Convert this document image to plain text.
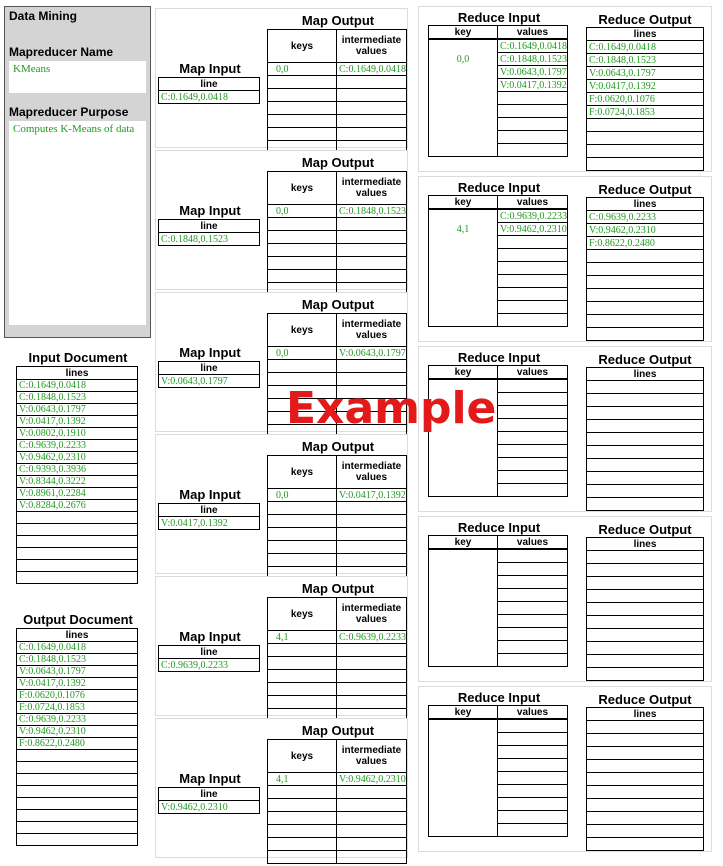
Data Mining
Mapreducer Name
KMeans
Mapreducer Purpose
Computes K-Means of data
Input Document
lines
C:0.1649,0.0418
C:0.1848,0.1523
V:0.0643,0.1797
V:0.0417,0.1392
V:0.0802,0.1910
C:0.9639,0.2233
V:0.9462,0.2310
C:0.9393,0.3936
V:0.8344,0.3222
V:0.8961,0.2284
V:0.8284,0.2676

Output Document
lines
C:0.1649,0.0418
C:0.1848,0.1523
V:0.0643,0.1797
V:0.0417,0.1392
F:0.0620,0.1076
F:0.0724,0.1853
C:0.9639,0.2233
V:0.9462,0.2310
F:0.8622,0.2480

Map Input
line
C:0.1649,0.0418
Map Output
keys	intermediate values
0,0	C:0.1649,0.0418

Map Input
line
C:0.1848,0.1523
Map Output
keys	intermediate values
0,0	C:0.1848,0.1523

Map Input
line
V:0.0643,0.1797
Map Output
keys	intermediate values
0,0	V:0.0643,0.1797

Map Input
line
V:0.0417,0.1392
Map Output
keys	intermediate values
0,0	V:0.0417,0.1392

Map Input
line
C:0.9639,0.2233
Map Output
keys	intermediate values
4,1	C:0.9639,0.2233

Map Input
line
V:0.9462,0.2310
Map Output
keys	intermediate values
4,1	V:0.9462,0.2310

Reduce Input
key	values
0,0	C:0.1649,0.0418
	C:0.1848,0.1523
	V:0.0643,0.1797
	V:0.0417,0.1392

Reduce Output
lines
C:0.1649,0.0418
C:0.1848,0.1523
V:0.0643,0.1797
V:0.0417,0.1392
F:0.0620,0.1076
F:0.0724,0.1853

Reduce Input
key	values
4,1	C:0.9639,0.2233
	V:0.9462,0.2310

Reduce Output
lines
C:0.9639,0.2233
V:0.9462,0.2310
F:0.8622,0.2480

Reduce Input
key	values

Reduce Output
lines

Reduce Input
key	values

Reduce Output
lines

Reduce Input
key	values

Reduce Output
lines

Example
